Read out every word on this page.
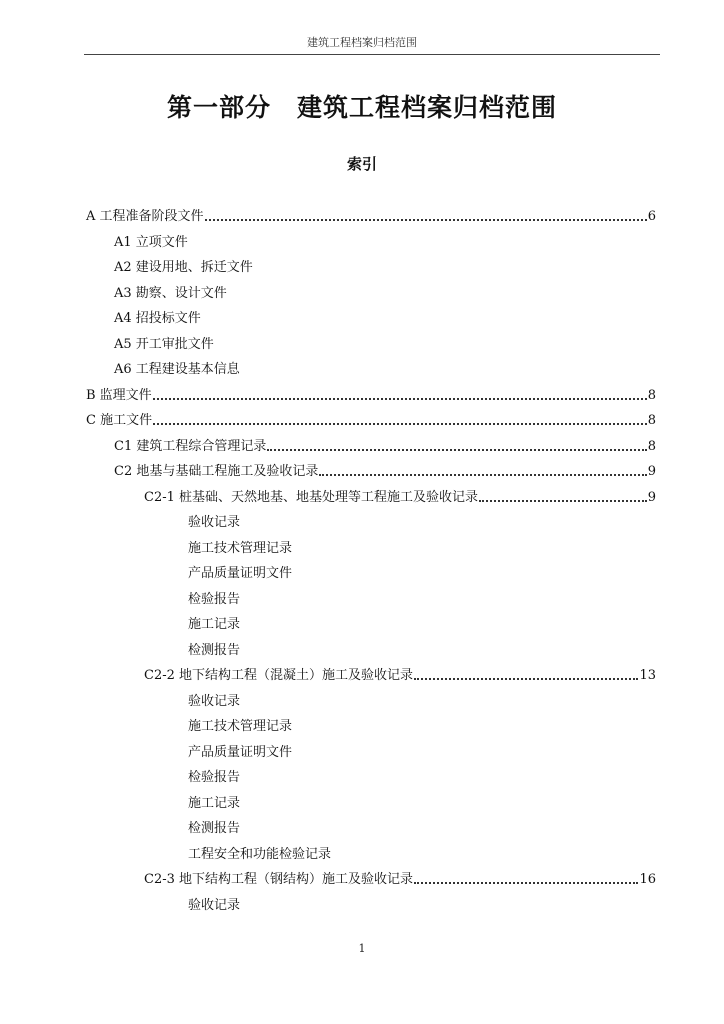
建筑工程档案归档范围
第一部分　建筑工程档案归档范围
索引
A 工程准备阶段文件	6
A1 立项文件
A2 建设用地、拆迁文件
A3 勘察、设计文件
A4 招投标文件
A5 开工审批文件
A6 工程建设基本信息
B 监理文件	8
C 施工文件	8
C1 建筑工程综合管理记录	8
C2 地基与基础工程施工及验收记录	9
C2-1 桩基础、天然地基、地基处理等工程施工及验收记录	9
验收记录
施工技术管理记录
产品质量证明文件
检验报告
施工记录
检测报告
C2-2 地下结构工程（混凝土）施工及验收记录	13
验收记录
施工技术管理记录
产品质量证明文件
检验报告
施工记录
检测报告
工程安全和功能检验记录
C2-3 地下结构工程（钢结构）施工及验收记录	16
验收记录
1
